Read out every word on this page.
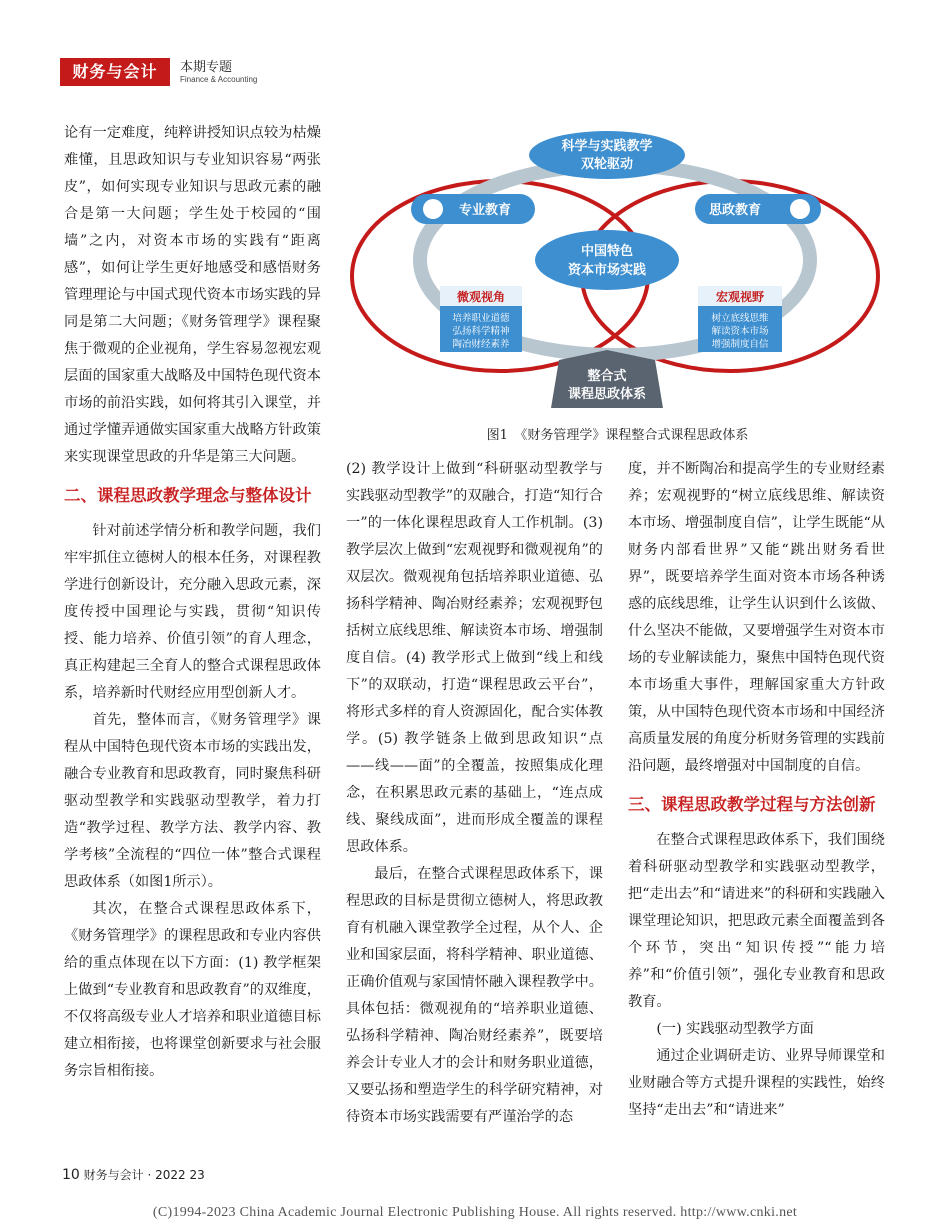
财务与会计	本期专题
Finance & Accounting
科学与实践教学
双轮驱动
专业教育	思政教育
中国特色
资本市场实践
微观视角
培养职业道德
弘扬科学精神
陶冶财经素养
宏观视野
树立底线思维
解读资本市场
增强制度自信
整合式
课程思政体系
图1　《财务管理学》课程整合式课程思政体系

论有一定难度，纯粹讲授知识点较为枯燥难懂，且思政知识与专业知识容易“两张皮”，如何实现专业知识与思政元素的融合是第一大问题；学生处于校园的“围墙”之内，对资本市场的实践有“距离感”，如何让学生更好地感受和感悟财务管理理论与中国式现代资本市场实践的异同是第二大问题；《财务管理学》课程聚焦于微观的企业视角，学生容易忽视宏观层面的国家重大战略及中国特色现代资本市场的前沿实践，如何将其引入课堂，并通过学懂弄通做实国家重大战略方针政策来实现课堂思政的升华是第三大问题。

二、课程思政教学理念与整体设计

针对前述学情分析和教学问题，我们牢牢抓住立德树人的根本任务，对课程教学进行创新设计，充分融入思政元素，深度传授中国理论与实践，贯彻“知识传授、能力培养、价值引领”的育人理念，真正构建起三全育人的整合式课程思政体系，培养新时代财经应用型创新人才。

首先，整体而言，《财务管理学》课程从中国特色现代资本市场的实践出发，融合专业教育和思政教育，同时聚焦科研驱动型教学和实践驱动型教学，着力打造“教学过程、教学方法、教学内容、教学考核”全流程的“四位一体”整合式课程思政体系（如图1所示）。

其次，在整合式课程思政体系下，《财务管理学》的课程思政和专业内容供给的重点体现在以下方面：(1) 教学框架上做到“专业教育和思政教育”的双维度，不仅将高级专业人才培养和职业道德目标建立相衔接，也将课堂创新要求与社会服务宗旨相衔接。

(2) 教学设计上做到“科研驱动型教学与实践驱动型教学”的双融合，打造“知行合一”的一体化课程思政育人工作机制。(3) 教学层次上做到“宏观视野和微观视角”的双层次。微观视角包括培养职业道德、弘扬科学精神、陶冶财经素养；宏观视野包括树立底线思维、解读资本市场、增强制度自信。(4) 教学形式上做到“线上和线下”的双联动，打造“课程思政云平台”，将形式多样的育人资源固化，配合实体教学。(5) 教学链条上做到思政知识“点——线——面”的全覆盖，按照集成化理念，在积累思政元素的基础上，“连点成线、聚线成面”，进而形成全覆盖的课程思政体系。

最后，在整合式课程思政体系下，课程思政的目标是贯彻立德树人，将思政教育有机融入课堂教学全过程，从个人、企业和国家层面，将科学精神、职业道德、正确价值观与家国情怀融入课程教学中。具体包括：微观视角的“培养职业道德、弘扬科学精神、陶冶财经素养”，既要培养会计专业人才的会计和财务职业道德，又要弘扬和塑造学生的科学研究精神，对待资本市场实践需要有严谨治学的态

度，并不断陶冶和提高学生的专业财经素养；宏观视野的“树立底线思维、解读资本市场、增强制度自信”，让学生既能“从财务内部看世界”又能“跳出财务看世界”，既要培养学生面对资本市场各种诱惑的底线思维，让学生认识到什么该做、什么坚决不能做，又要增强学生对资本市场的专业解读能力，聚焦中国特色现代资本市场重大事件，理解国家重大方针政策，从中国特色现代资本市场和中国经济高质量发展的角度分析财务管理的实践前沿问题，最终增强对中国制度的自信。

三、课程思政教学过程与方法创新

在整合式课程思政体系下，我们围绕着科研驱动型教学和实践驱动型教学，把“走出去”和“请进来”的科研和实践融入课堂理论知识，把思政元素全面覆盖到各个环节，突出“知识传授”“能力培养”和“价值引领”，强化专业教育和思政教育。

(一) 实践驱动型教学方面

通过企业调研走访、业界导师课堂和业财融合等方式提升课程的实践性，始终坚持“走出去”和“请进来”

10 财务与会计 · 2022 23
(C)1994-2023 China Academic Journal Electronic Publishing House. All rights reserved. http://www.cnki.net
